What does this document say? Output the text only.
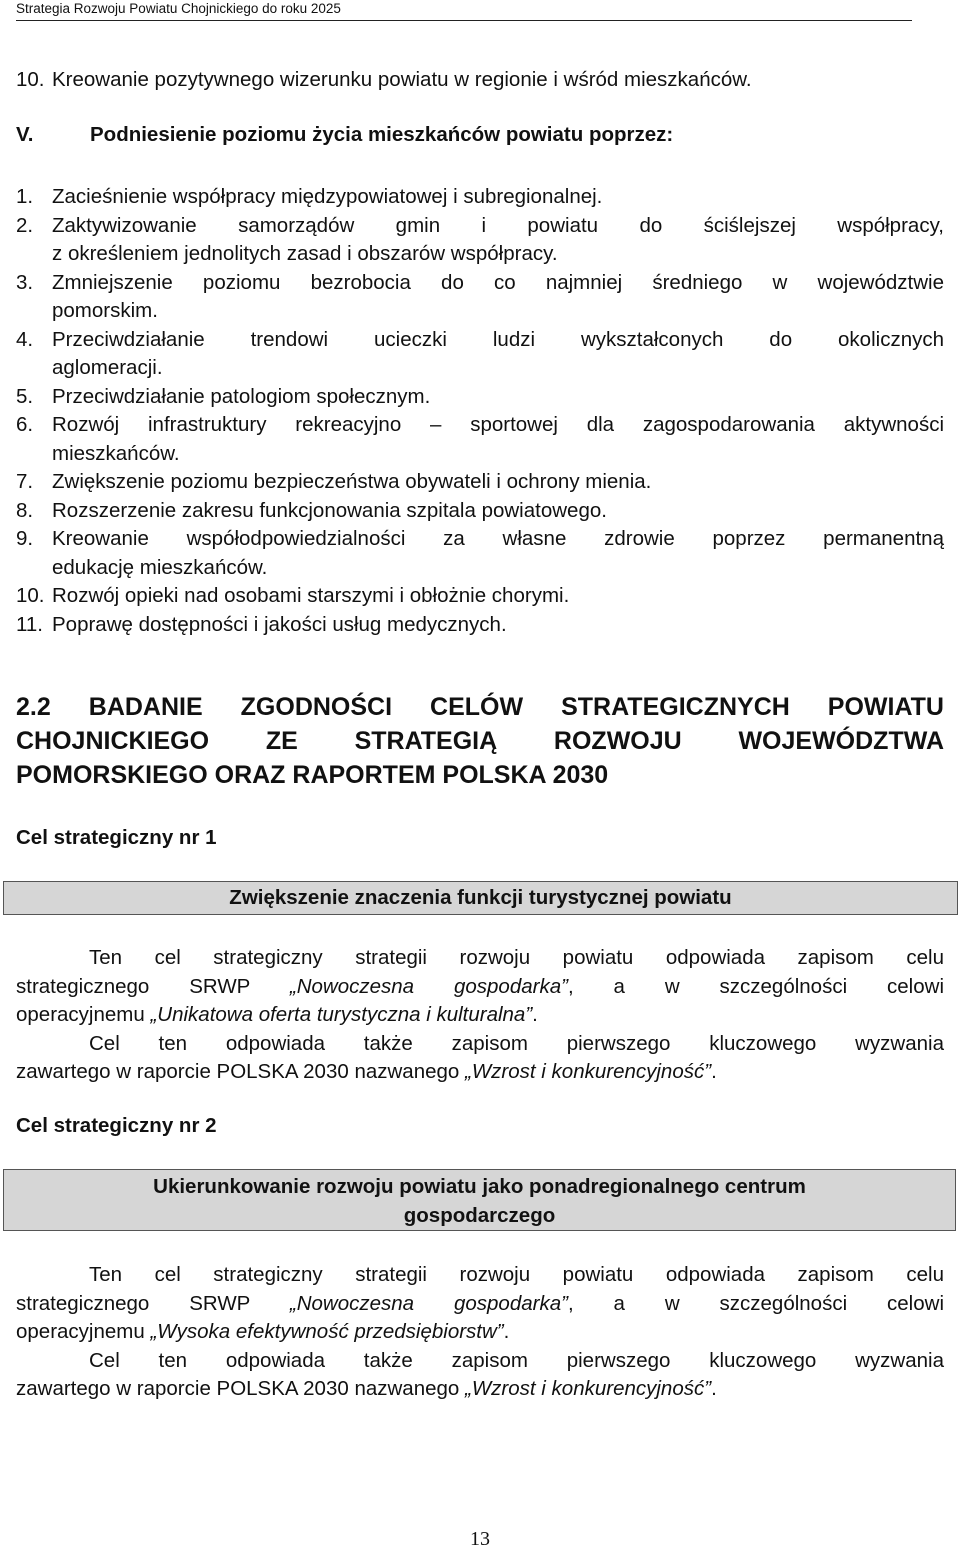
Strategia Rozwoju Powiatu Chojnickiego do roku 2025
10. Kreowanie pozytywnego wizerunku powiatu w regionie i wśród mieszkańców.
V.	Podniesienie poziomu życia mieszkańców powiatu poprzez:
1. Zacieśnienie współpracy międzypowiatowej i subregionalnej.
2. Zaktywizowanie samorządów gmin i powiatu do ściślejszej współpracy,
z określeniem jednolitych zasad i obszarów współpracy.
3. Zmniejszenie poziomu bezrobocia do co najmniej średniego w województwie
pomorskim.
4. Przeciwdziałanie trendowi ucieczki ludzi wykształconych do okolicznych
aglomeracji.
5. Przeciwdziałanie patologiom społecznym.
6. Rozwój infrastruktury rekreacyjno – sportowej dla zagospodarowania aktywności
mieszkańców.
7. Zwiększenie poziomu bezpieczeństwa obywateli i ochrony mienia.
8. Rozszerzenie zakresu funkcjonowania szpitala powiatowego.
9. Kreowanie współodpowiedzialności za własne zdrowie poprzez permanentną
edukację mieszkańców.
10. Rozwój opieki nad osobami starszymi i obłożnie chorymi.
11. Poprawę dostępności i jakości usług medycznych.
2.2 BADANIE ZGODNOŚCI CELÓW STRATEGICZNYCH POWIATU
CHOJNICKIEGO ZE STRATEGIĄ ROZWOJU WOJEWÓDZTWA
POMORSKIEGO ORAZ RAPORTEM POLSKA 2030
Cel strategiczny nr 1
Zwiększenie znaczenia funkcji turystycznej powiatu
Ten cel strategiczny strategii rozwoju powiatu odpowiada zapisom celu
strategicznego SRWP „Nowoczesna gospodarka”, a w szczególności celowi
operacyjnemu „Unikatowa oferta turystyczna i kulturalna”.
Cel ten odpowiada także zapisom pierwszego kluczowego wyzwania
zawartego w raporcie POLSKA 2030 nazwanego „Wzrost i konkurencyjność”.
Cel strategiczny nr 2
Ukierunkowanie rozwoju powiatu jako ponadregionalnego centrum
gospodarczego
Ten cel strategiczny strategii rozwoju powiatu odpowiada zapisom celu
strategicznego SRWP „Nowoczesna gospodarka”, a w szczególności celowi
operacyjnemu „Wysoka efektywność przedsiębiorstw”.
Cel ten odpowiada także zapisom pierwszego kluczowego wyzwania
zawartego w raporcie POLSKA 2030 nazwanego „Wzrost i konkurencyjność”.
13
